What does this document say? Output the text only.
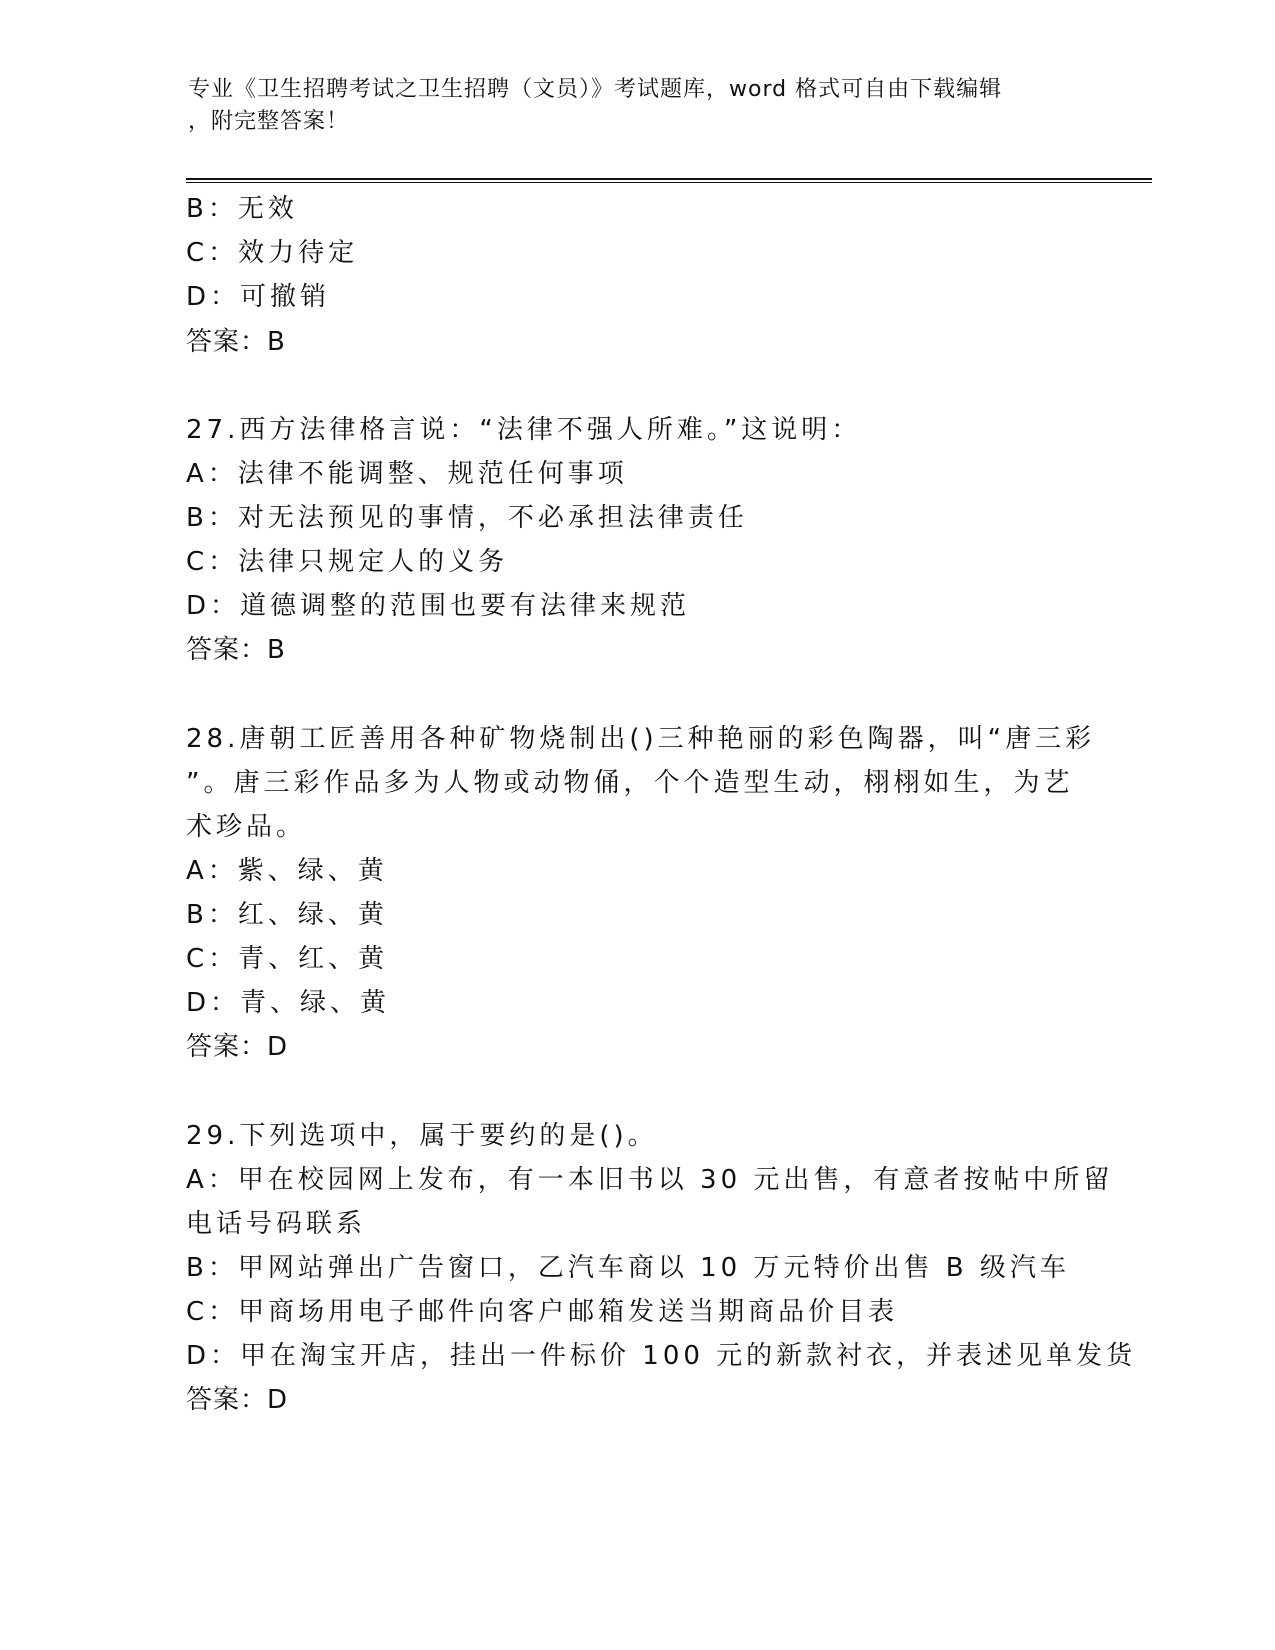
专业《卫生招聘考试之卫生招聘（文员）》考试题库，word 格式可自由下载编辑
，附完整答案！
B：无效
C：效力待定
D：可撤销
答案：B
27.西方法律格言说：“法律不强人所难。”这说明：
A：法律不能调整、规范任何事项
B：对无法预见的事情，不必承担法律责任
C：法律只规定人的义务
D：道德调整的范围也要有法律来规范
答案：B
28.唐朝工匠善用各种矿物烧制出()三种艳丽的彩色陶器，叫“唐三彩
”。唐三彩作品多为人物或动物俑，个个造型生动，栩栩如生，为艺
术珍品。
A：紫、绿、黄
B：红、绿、黄
C：青、红、黄
D：青、绿、黄
答案：D
29.下列选项中，属于要约的是()。
A：甲在校园网上发布，有一本旧书以 30 元出售，有意者按帖中所留
电话号码联系
B：甲网站弹出广告窗口，乙汽车商以 10 万元特价出售 B 级汽车
C：甲商场用电子邮件向客户邮箱发送当期商品价目表
D：甲在淘宝开店，挂出一件标价 100 元的新款衬衣，并表述见单发货
答案：D
